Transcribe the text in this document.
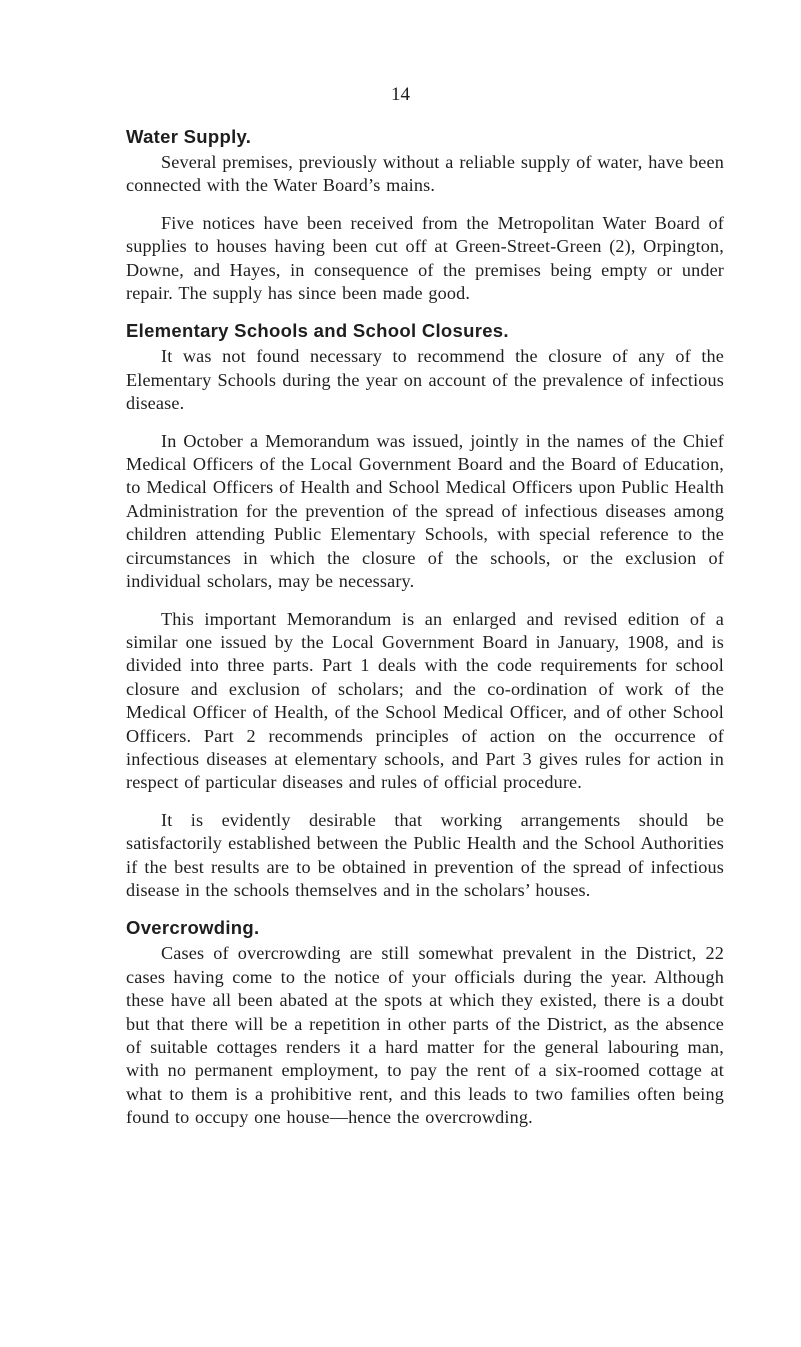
14
Water Supply.

Several premises, previously without a reliable supply of water, have been connected with the Water Board’s mains.

Five notices have been received from the Metropolitan Water Board of supplies to houses having been cut off at Green-Street-Green (2), Orpington, Downe, and Hayes, in consequence of the premises being empty or under repair. The supply has since been made good.

Elementary Schools and School Closures.

It was not found necessary to recommend the closure of any of the Elementary Schools during the year on account of the prevalence of infectious disease.

In October a Memorandum was issued, jointly in the names of the Chief Medical Officers of the Local Government Board and the Board of Education, to Medical Officers of Health and School Medical Officers upon Public Health Administration for the prevention of the spread of infectious diseases among children attending Public Elementary Schools, with special reference to the circumstances in which the closure of the schools, or the exclusion of individual scholars, may be necessary.

This important Memorandum is an enlarged and revised edition of a similar one issued by the Local Government Board in January, 1908, and is divided into three parts. Part 1 deals with the code requirements for school closure and exclusion of scholars; and the co-ordination of work of the Medical Officer of Health, of the School Medical Officer, and of other School Officers. Part 2 recommends principles of action on the occurrence of infectious diseases at elementary schools, and Part 3 gives rules for action in respect of particular diseases and rules of official procedure.

It is evidently desirable that working arrangements should be satisfactorily established between the Public Health and the School Authorities if the best results are to be obtained in prevention of the spread of infectious disease in the schools themselves and in the scholars’ houses.

Overcrowding.

Cases of overcrowding are still somewhat prevalent in the District, 22 cases having come to the notice of your officials during the year. Although these have all been abated at the spots at which they existed, there is a doubt but that there will be a repetition in other parts of the District, as the absence of suitable cottages renders it a hard matter for the general labouring man, with no permanent employment, to pay the rent of a six-roomed cottage at what to them is a prohibitive rent, and this leads to two families often being found to occupy one house—hence the overcrowding.
